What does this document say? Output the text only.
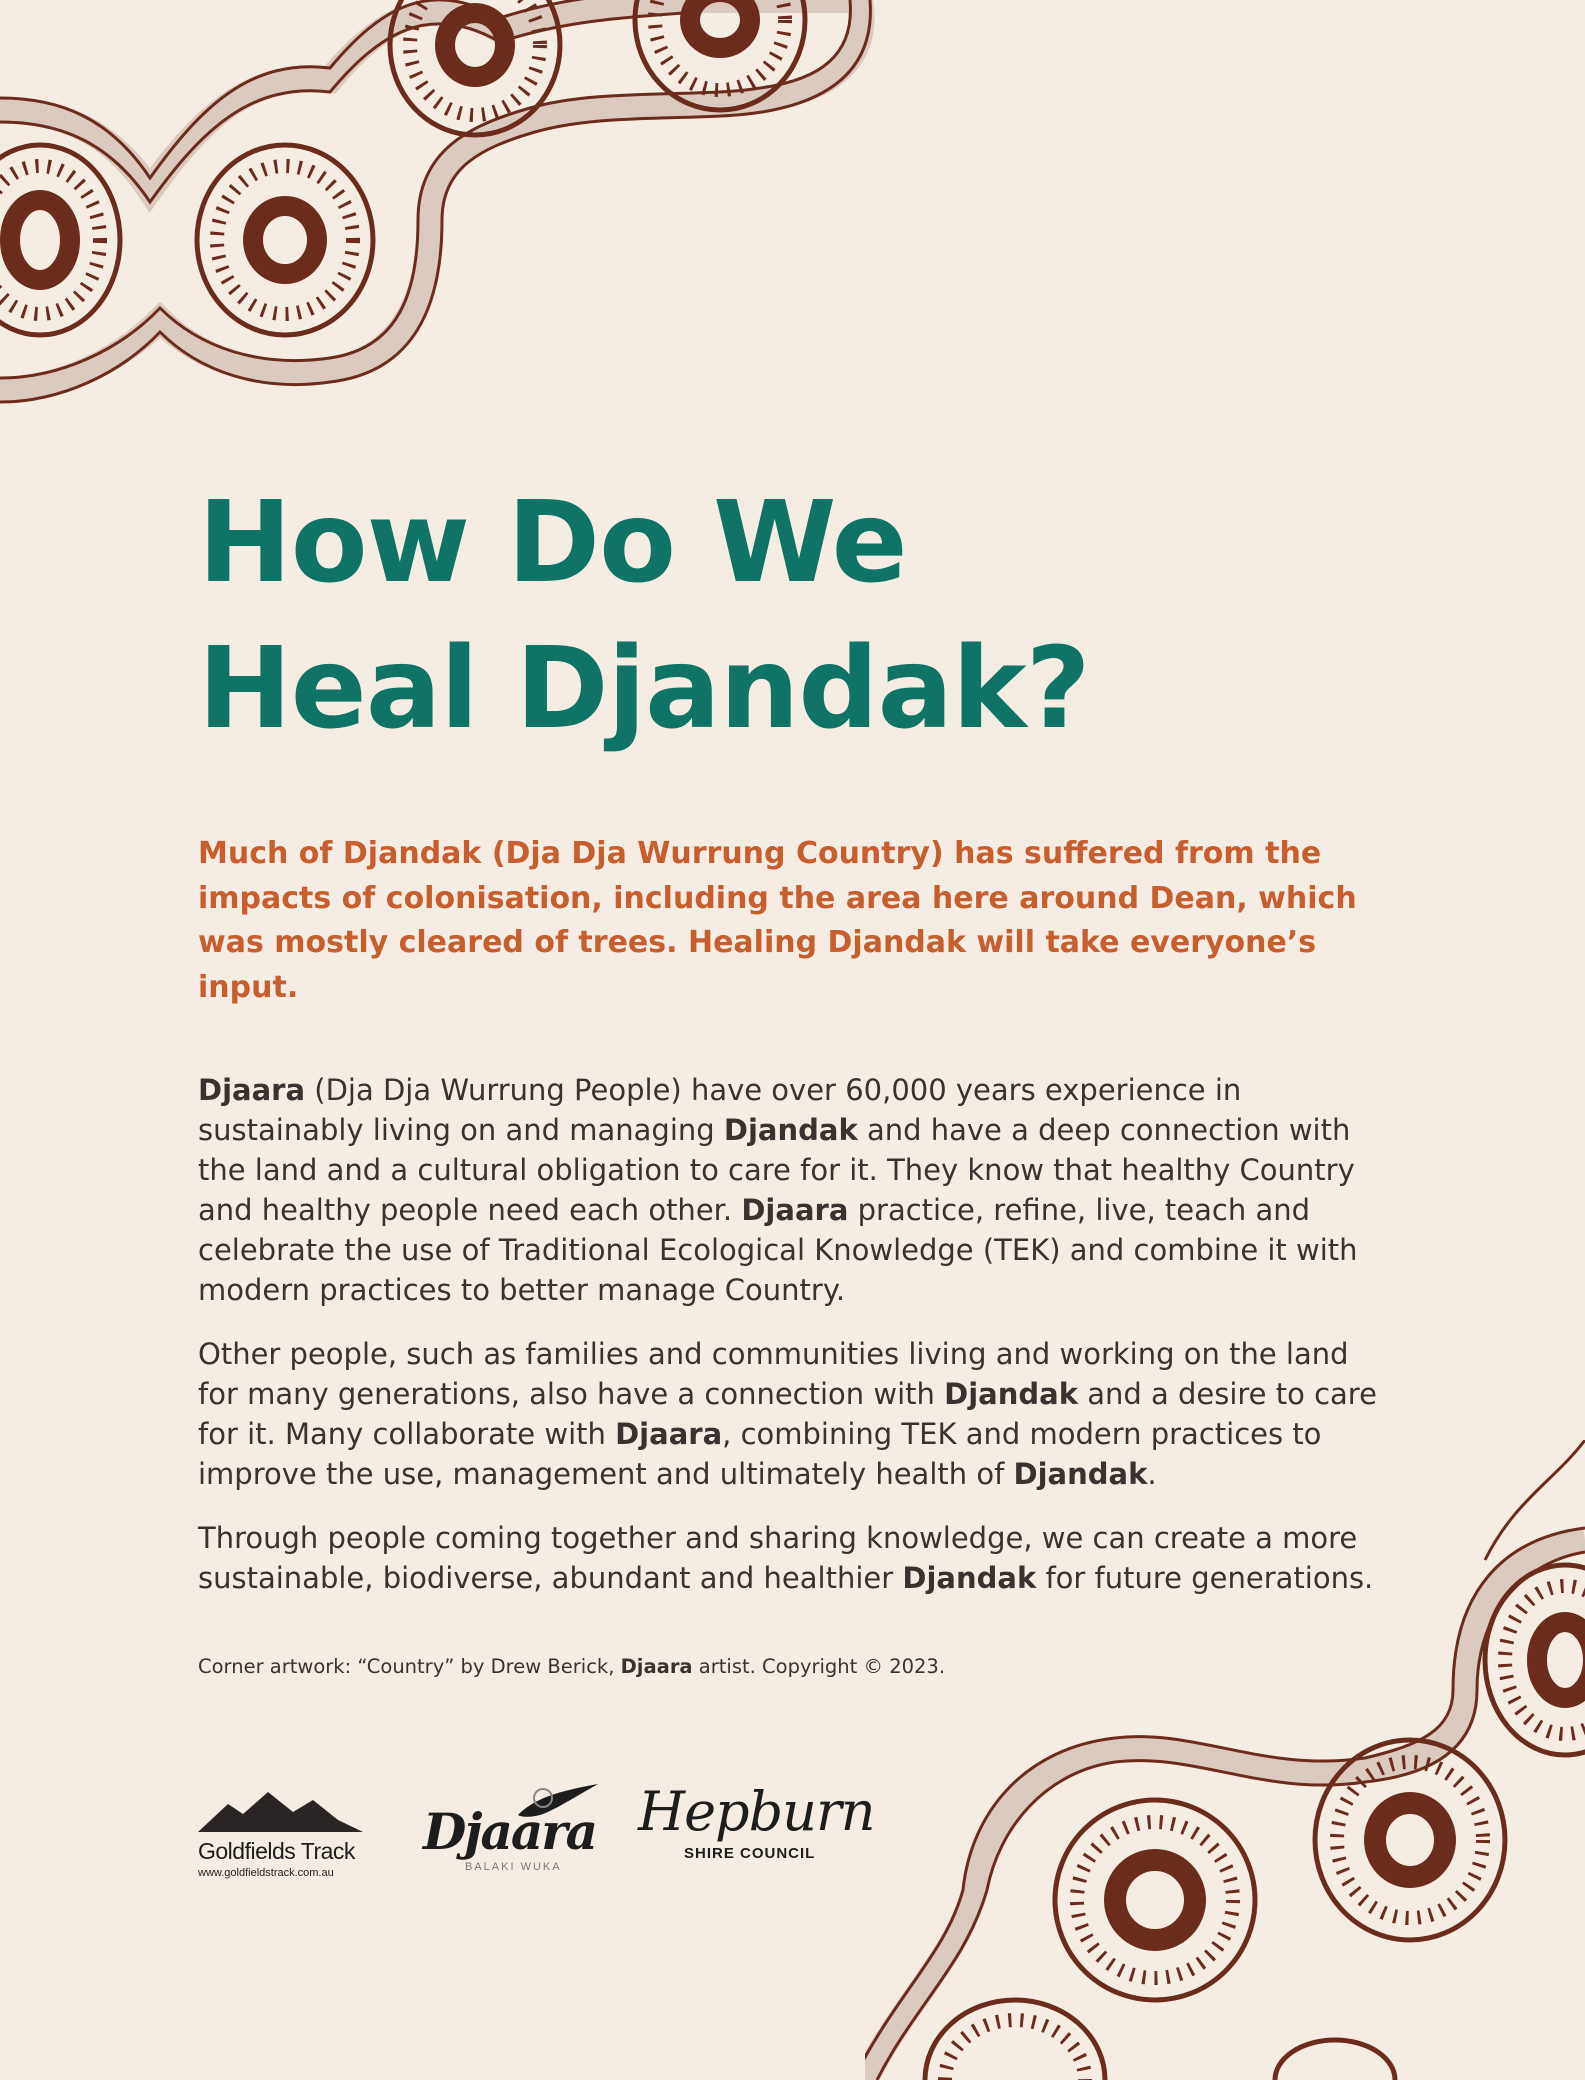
How Do We
Heal Djandak?

Much of Djandak (Dja Dja Wurrung Country) has suffered from the impacts of colonisation, including the area here around Dean, which was mostly cleared of trees. Healing Djandak will take everyone’s input.

Djaara (Dja Dja Wurrung People) have over 60,000 years experience in sustainably living on and managing Djandak and have a deep connection with the land and a cultural obligation to care for it. They know that healthy Country and healthy people need each other. Djaara practice, refine, live, teach and celebrate the use of Traditional Ecological Knowledge (TEK) and combine it with modern practices to better manage Country.

Other people, such as families and communities living and working on the land for many generations, also have a connection with Djandak and a desire to care for it. Many collaborate with Djaara, combining TEK and modern practices to improve the use, management and ultimately health of Djandak.

Through people coming together and sharing knowledge, we can create a more sustainable, biodiverse, abundant and healthier Djandak for future generations.

Corner artwork: “Country” by Drew Berick, Djaara artist. Copyright © 2023.

Goldfields Track
www.goldfieldstrack.com.au
Djaara
BALAKI WUKA
Hepburn
SHIRE COUNCIL
